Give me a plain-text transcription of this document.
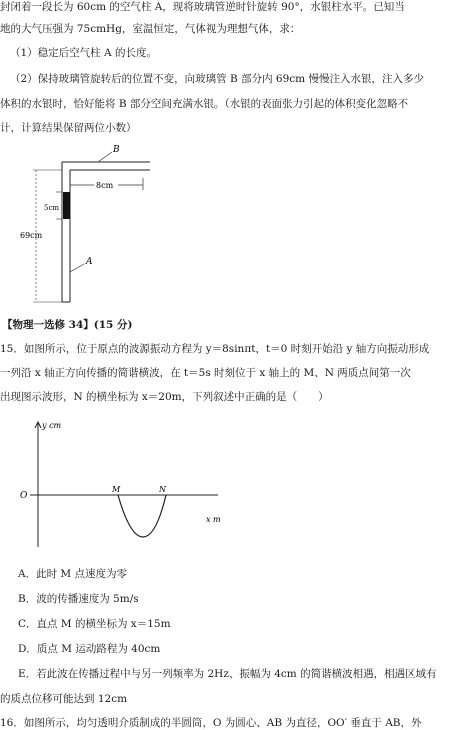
封闭着一段长为 60cm 的空气柱 A，现将玻璃管逆时针旋转 90°，水银柱水平。已知当
地的大气压强为 75cmHg，室温恒定，气体视为理想气体，求：
（1）稳定后空气柱 A 的长度。
（2）保持玻璃管旋转后的位置不变，向玻璃管 B 部分内 69cm 慢慢注入水银，注入多少
体积的水银时，恰好能将 B 部分空间充满水银。（水银的表面张力引起的体积变化忽略不
计，计算结果保留两位小数）
B
8cm
5cm
69cm
A
【物理一选修 34】(15 分)
15．如图所示，位于原点的波源振动方程为 y＝8sinπt，t＝0 时刻开始沿 y 轴方向振动形成
一列沿 x 轴正方向传播的简谐横波，在 t＝5s 时刻位于 x 轴上的 M、N 两质点间第一次
出现图示波形，N 的横坐标为 x＝20m，下列叙述中正确的是（　　）
y cm
O
x m
M	N
A．此时 M 点速度为零
B．波的传播速度为 5m/s
C．直点 M 的横坐标为 x＝15m
D．质点 M 运动路程为 40cm
E．若此波在传播过程中与另一列频率为 2Hz、振幅为 4cm 的简谐横波相遇，相遇区域有
的质点位移可能达到 12cm
16．如图所示，均匀透明介质制成的半圆筒，O 为圆心、AB 为直径，OO′ 垂直于 AB，外
